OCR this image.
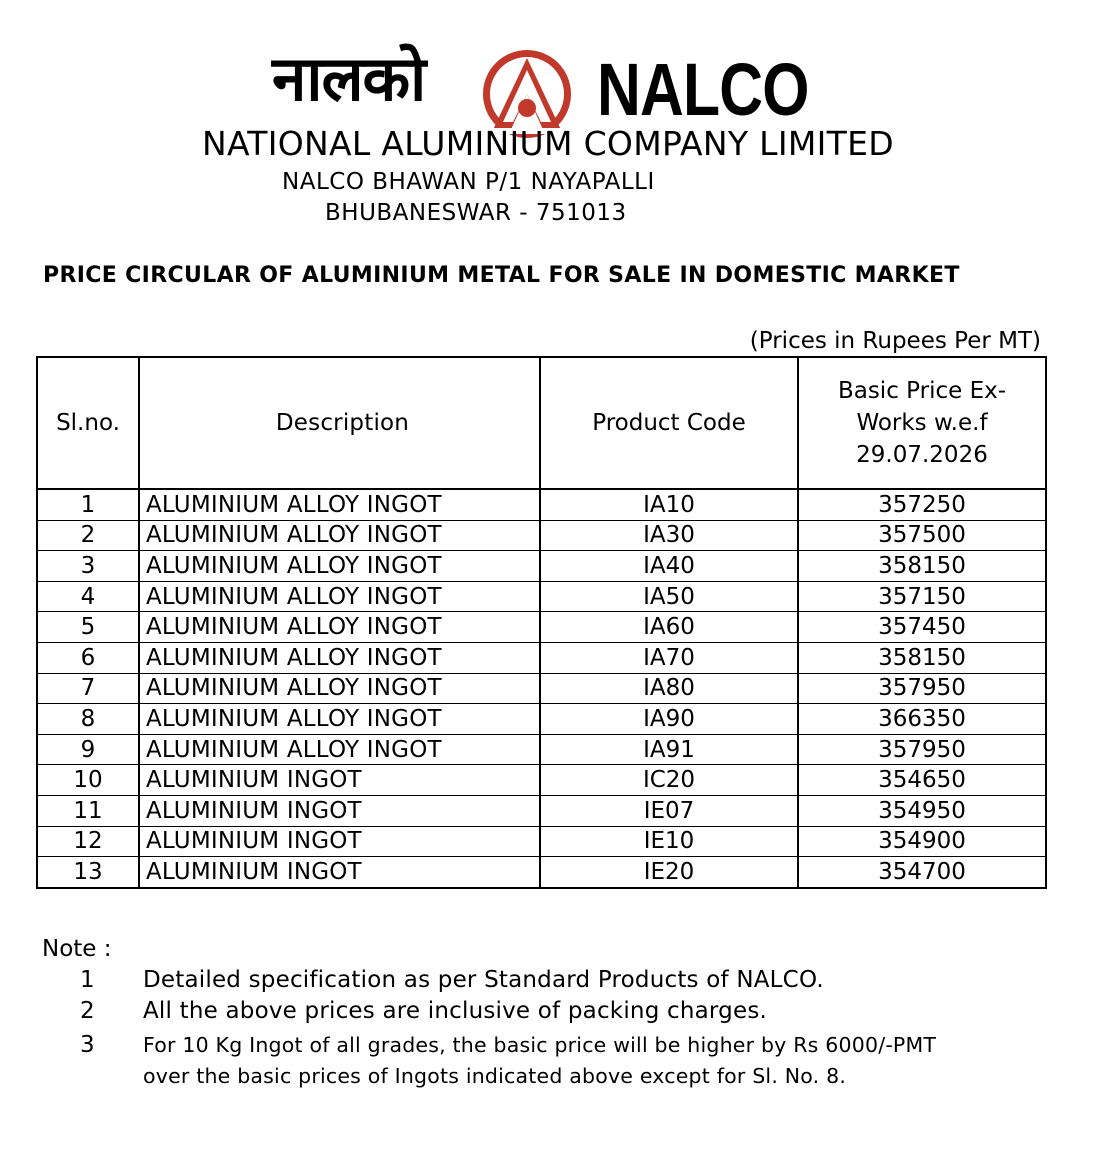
नालको NALCO
NATIONAL ALUMINIUM COMPANY LIMITED
NALCO BHAWAN P/1 NAYAPALLI
BHUBANESWAR - 751013
PRICE CIRCULAR OF ALUMINIUM METAL FOR SALE IN DOMESTIC MARKET
(Prices in Rupees Per MT)
Sl.no.	Description	Product Code	Basic Price Ex-
Works w.e.f
29.07.2026

1	ALUMINIUM ALLOY INGOT	IA10	357250
2	ALUMINIUM ALLOY INGOT	IA30	357500
3	ALUMINIUM ALLOY INGOT	IA40	358150
4	ALUMINIUM ALLOY INGOT	IA50	357150
5	ALUMINIUM ALLOY INGOT	IA60	357450
6	ALUMINIUM ALLOY INGOT	IA70	358150
7	ALUMINIUM ALLOY INGOT	IA80	357950
8	ALUMINIUM ALLOY INGOT	IA90	366350
9	ALUMINIUM ALLOY INGOT	IA91	357950
10	ALUMINIUM INGOT	IC20	354650
11	ALUMINIUM INGOT	IE07	354950
12	ALUMINIUM INGOT	IE10	354900
13	ALUMINIUM INGOT	IE20	354700
Note :
1 Detailed specification as per Standard Products of NALCO.
2 All the above prices are inclusive of packing charges.
3 For 10 Kg Ingot of all grades, the basic price will be higher by Rs 6000/-PMT
over the basic prices of Ingots indicated above except for Sl. No. 8.
